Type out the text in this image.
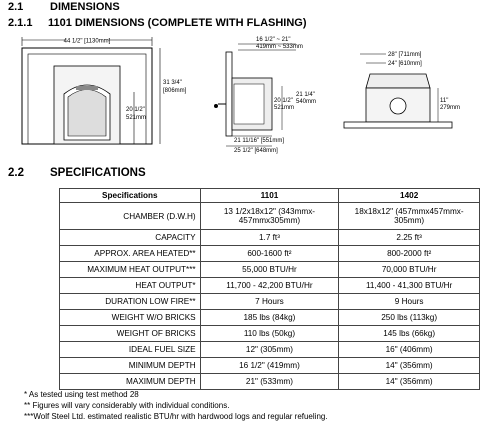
2.1 DIMENSIONS
2.1.1 1101 DIMENSIONS (COMPLETE WITH FLASHING)
2.2 SPECIFICATIONS
44 1/2" [1130mm]
31 3/4"
[806mm]
20 1/2"
521mm
16 1/2" ~ 21"
419mm ~ 533mm
20 1/2"
521mm
21 1/4"
540mm
21 11/16" [551mm]
25 1/2" [648mm]
28" [711mm]
24" [610mm]
11"
279mm
Specifications	1101	1402
CHAMBER (D.W.H)	13 1/2x18x12" (343mmx-457mmx305mm)	18x18x12" (457mmx457mmx-305mm)
CAPACITY	1.7 ft³	2.25 ft³
APPROX. AREA HEATED**	600-1600 ft²	800-2000 ft²
MAXIMUM HEAT OUTPUT***	55,000 BTU/Hr	70,000 BTU/Hr
HEAT OUTPUT*	11,700 - 42,200 BTU/Hr	11,400 - 41,300 BTU/Hr
DURATION LOW FIRE**	7 Hours	9 Hours
WEIGHT W/O BRICKS	185 lbs (84kg)	250 lbs (113kg)
WEIGHT OF BRICKS	110 lbs (50kg)	145 lbs (66kg)
IDEAL FUEL SIZE	12" (305mm)	16" (406mm)
MINIMUM DEPTH	16 1/2" (419mm)	14" (356mm)
MAXIMUM DEPTH	21" (533mm)	14" (356mm)
* As tested using test method 28
** Figures will vary considerably with individual conditions.
***Wolf Steel Ltd. estimated realistic BTU/hr with hardwood logs and regular refueling.
